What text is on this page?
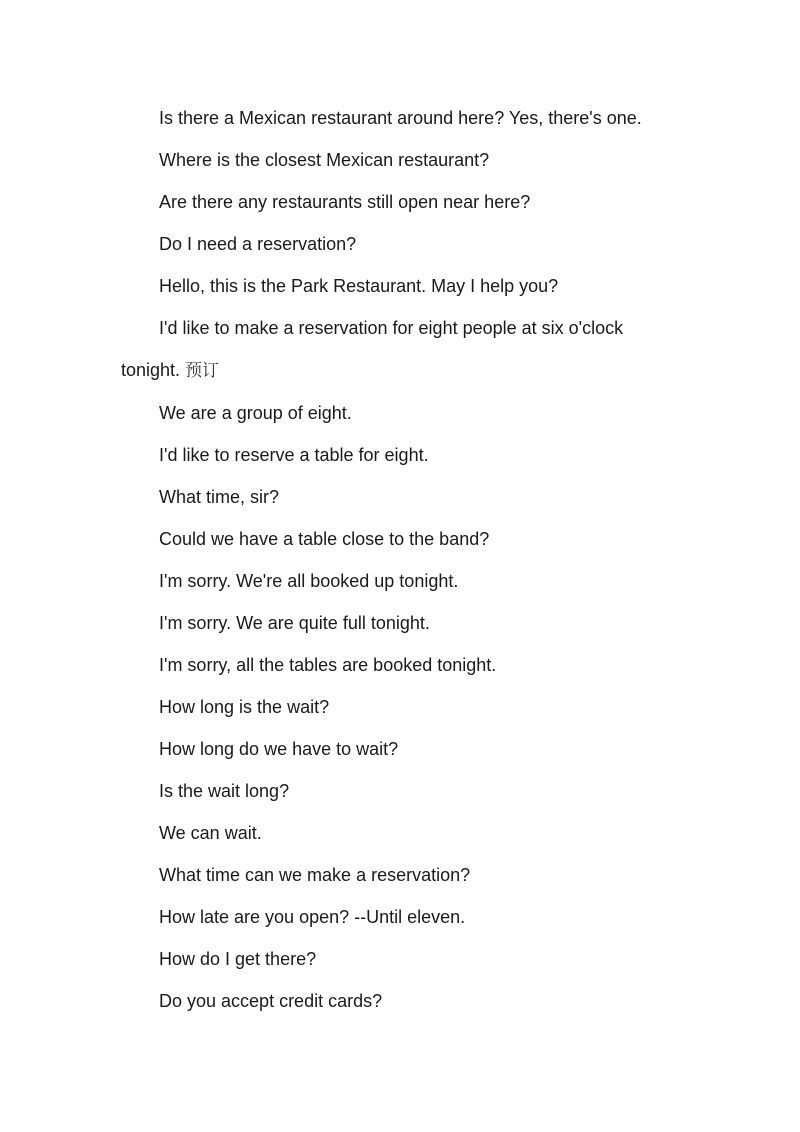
Is there a Mexican restaurant around here? Yes, there's one.

Where is the closest Mexican restaurant?

Are there any restaurants still open near here?

Do I need a reservation?

Hello, this is the Park Restaurant. May I help you?

I'd like to make a reservation for eight people at six o'clock
tonight. 预订

We are a group of eight.

I'd like to reserve a table for eight.

What time, sir?

Could we have a table close to the band?

I'm sorry. We're all booked up tonight.

I'm sorry. We are quite full tonight.

I'm sorry, all the tables are booked tonight.

How long is the wait?

How long do we have to wait?

Is the wait long?

We can wait.

What time can we make a reservation?

How late are you open? --Until eleven.

How do I get there?

Do you accept credit cards?
